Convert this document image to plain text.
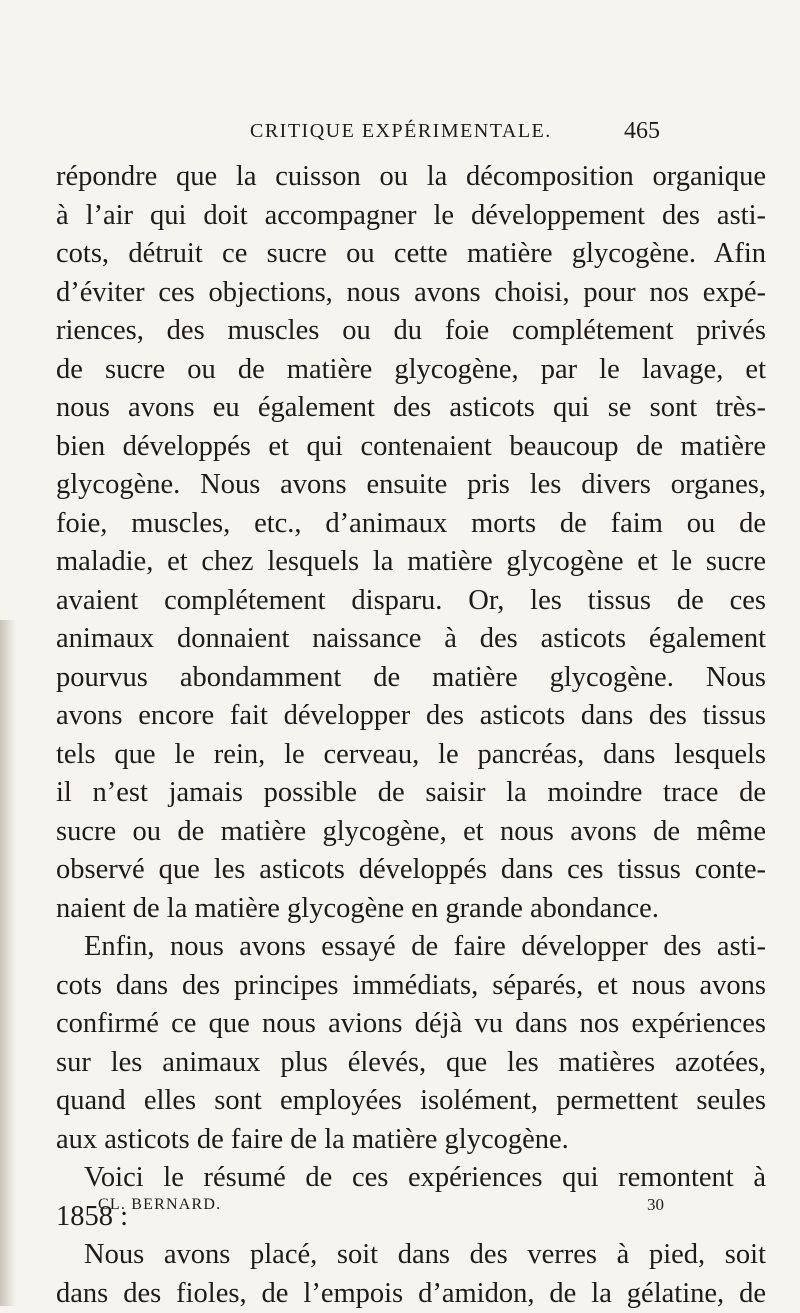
CRITIQUE EXPÉRIMENTALE.	465
répondre que la cuisson ou la décomposition organique
à l’air qui doit accompagner le développement des asti-
cots, détruit ce sucre ou cette matière glycogène. Afin
d’éviter ces objections, nous avons choisi, pour nos expé-
riences, des muscles ou du foie complétement privés
de sucre ou de matière glycogène, par le lavage, et
nous avons eu également des asticots qui se sont très-
bien développés et qui contenaient beaucoup de matière
glycogène. Nous avons ensuite pris les divers organes,
foie, muscles, etc., d’animaux morts de faim ou de
maladie, et chez lesquels la matière glycogène et le sucre
avaient complétement disparu. Or, les tissus de ces
animaux donnaient naissance à des asticots également
pourvus abondamment de matière glycogène. Nous
avons encore fait développer des asticots dans des tissus
tels que le rein, le cerveau, le pancréas, dans lesquels
il n’est jamais possible de saisir la moindre trace de
sucre ou de matière glycogène, et nous avons de même
observé que les asticots développés dans ces tissus conte-
naient de la matière glycogène en grande abondance.
Enfin, nous avons essayé de faire développer des asti-
cots dans des principes immédiats, séparés, et nous avons
confirmé ce que nous avions déjà vu dans nos expériences
sur les animaux plus élevés, que les matières azotées,
quand elles sont employées isolément, permettent seules
aux asticots de faire de la matière glycogène.
Voici le résumé de ces expériences qui remontent à
1858 :
Nous avons placé, soit dans des verres à pied, soit
dans des fioles, de l’empois d’amidon, de la gélatine, de
CL. BERNARD.	30
